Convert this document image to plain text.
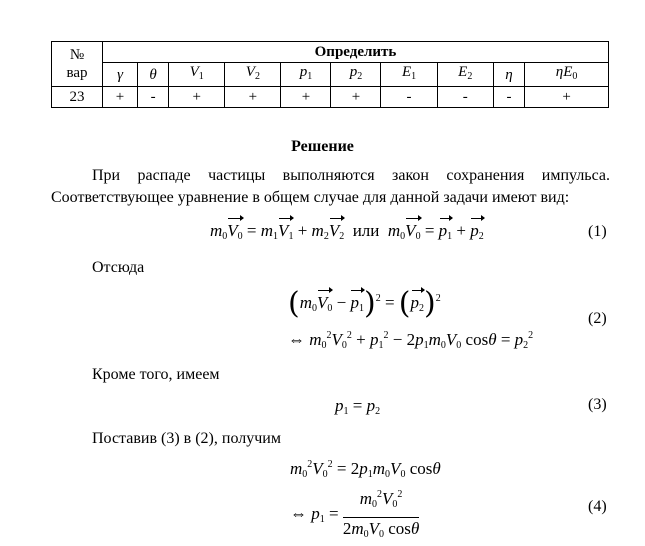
№
вар	Определить									
	γ	θ	$V_1$	$V_2$	$p_1$	$p_2$	$E_1$	$E_2$	η	$\eta E_0$
23	+	-	+	+	+	+	-	-	-	+
Решение
При распаде частицы выполняются закон сохранения импульса.
Соответствующее уравнение в общем случае для данной задачи имеют вид:
$m_0V_0 = m_1V_1 + m_2V_2$ или $m_0V_0 = p_1 + p_2$	(1)
Отсюда
$(m_0V_0 - p_1)^2 = (p_2)^2$
⇔ $m_0^2V_0^2 + p_1^2 - 2p_1m_0V_0$ $\cos\theta = p_2^2$
(2)
Кроме того, имеем
$p_1 = p_2$	(3)
Поставив (3) в (2), получим
$m_0^2V_0^2 = 2p_1m_0V_0$ cosθ
⇔ $p_1 = \frac{m_0^2V_0^2}{2m_0V_0 \cos\theta}$	(4)
